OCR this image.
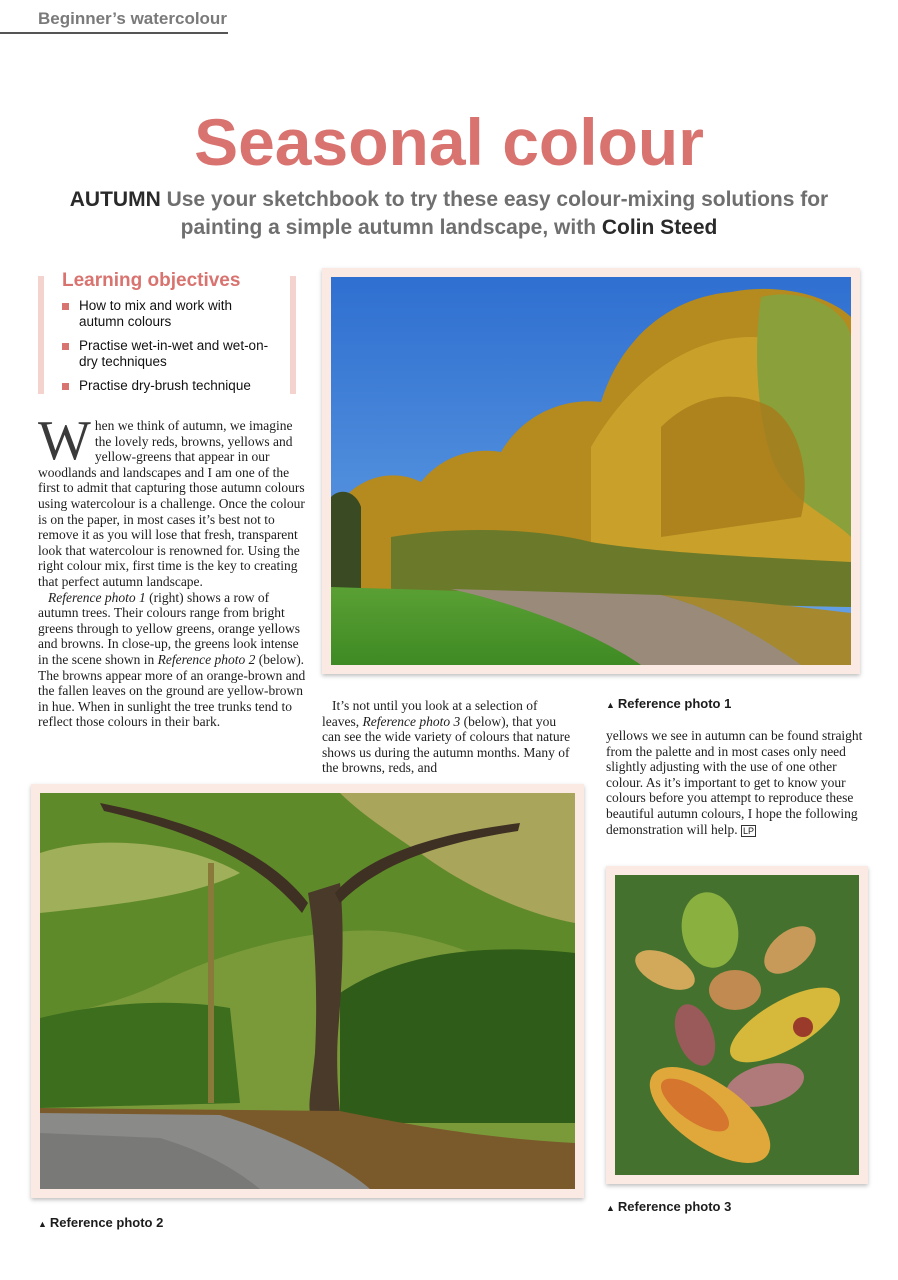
Beginner’s watercolour
Seasonal colour
AUTUMN Use your sketchbook to try these easy colour-mixing solutions for painting a simple autumn landscape, with Colin Steed
Learning objectives
How to mix and work with autumn colours
Practise wet-in-wet and wet-on-dry techniques
Practise dry-brush technique

When we think of autumn, we imagine the lovely reds, browns, yellows and yellow-greens that appear in our woodlands and landscapes and I am one of the first to admit that capturing those autumn colours using watercolour is a challenge. Once the colour is on the paper, in most cases it’s best not to remove it as you will lose that fresh, transparent look that watercolour is renowned for. Using the right colour mix, first time is the key to creating that perfect autumn landscape.

Reference photo 1 (right) shows a row of autumn trees. Their colours range from bright greens through to yellow greens, orange yellows and browns. In close-up, the greens look intense in the scene shown in Reference photo 2 (below). The browns appear more of an orange-brown and the fallen leaves on the ground are yellow-brown in hue. When in sunlight the tree trunks tend to reflect those colours in their bark.

It’s not until you look at a selection of leaves, Reference photo 3 (below), that you can see the wide variety of colours that nature shows us during the autumn months. Many of the browns, reds, and

yellows we see in autumn can be found straight from the palette and in most cases only need slightly adjusting with the use of one other colour. As it’s important to get to know your colours before you attempt to reproduce these beautiful autumn colours, I hope the following demonstration will help. LP

▲ Reference photo 1
▲ Reference photo 2
▲ Reference photo 3
